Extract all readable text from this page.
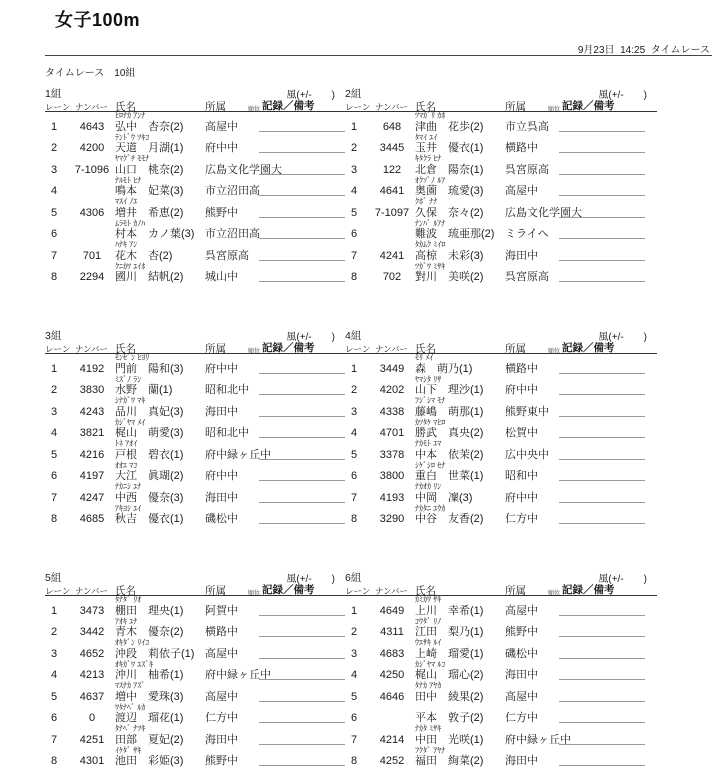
女子100m
9月23日  14:25  タイムレース
タイムレース　10組
1組	風(+/-　　)
レーン ナンバー 氏名	所属	順位 記録／備考
ﾋﾛﾅｶ ｱﾝﾅ
1	4643 弘中　杏奈(2) 高屋中
ﾃﾝﾄﾞｳ ﾂｷｺ
2	4200 天道　月湖(1) 府中中
ﾔﾏｸﾞﾁ ﾓﾓﾅ
3	7-1096 山口　桃奈(2) 広島文化学園大
ﾅﾙﾓﾄ ﾋﾅ
4	鳴本　妃菜(3) 市立沼田高
ﾏｽｲ ﾉｴ
5	4306 増井　希恵(2) 熊野中
ﾑﾗﾓﾄ ｶﾉﾊ
6	村本　カノ葉(3) 市立沼田高
ﾊﾅｷ ｱﾝ
7	701	花木　杏(2)	呉宮原高
ｸﾆｶﾜ ﾕｲﾎ
8	2294 國川　結帆(2) 城山中
2組	風(+/-　　)
レーン ナンバー 氏名	所属	順位 記録／備考
ﾂﾏｶﾞﾘ ｶﾎ
1	648	津曲　花歩(2) 市立呉高
ﾀﾏｲ ﾕｲ
2	3445 玉井　優衣(1) 横路中
ｷﾀｸﾗ ﾋﾅ
3	122	北倉　陽奈(1) 呉宮原高
ｵｸｿﾞﾉ ﾙｱ
4	4641 奥薗　琉愛(3) 高屋中
ｸﾎﾞ ﾅﾅ
5	7-1097 久保　奈々(2) 広島文化学園大
ﾅﾝﾊﾞ ﾙｱﾅ
6	難波　琉亜那(2) ミライヘ
ﾀｶﾑｸ ﾐｲﾛ
7	4241 高椋　未彩(3) 海田中
ﾂｶﾞﾜ ﾐｻｷ
8	702	對川　美咲(2) 呉宮原高
3組	風(+/-　　)
レーン ナンバー 氏名	所属	順位 記録／備考
ﾓﾝｾﾞﾝ ﾋﾖﾘ
1	4192 門前　陽和(3) 府中中
ﾐｽﾞﾉ ﾗﾝ
2	3830 水野　蘭(1)	昭和北中
ｼﾅｶﾞﾜ ﾏｷ
3	4243 品川　真妃(3) 海田中
ｶｼﾞﾔﾏ ﾒｲ
4	3821 梶山　萌愛(3) 昭和北中
ﾄﾈ ｱｵｲ
5	4216 戸根　碧衣(1) 府中緑ヶ丘中
ｵｵｴ ﾏｺ
6	4197 大江　眞瑚(2) 府中中
ﾅｶﾆｼ ﾕﾅ
7	4247 中西　優奈(3) 海田中
ｱｷﾖｼ ﾕｲ
8	4685 秋吉　優衣(1) 磯松中
4組	風(+/-　　)
レーン ナンバー 氏名	所属	順位 記録／備考
ﾓﾘ ﾒｲ
1	3449 森　萌乃(1)	横路中
ﾔﾏｼﾀ ﾘｻ
2	4202 山下　理沙(1) 府中中
ﾌｼﾞｼﾏ ﾓﾅ
3	4338 藤嶋　萌那(1) 熊野東中
ｶﾂﾀｹ ﾏﾋﾛ
4	4701 勝武　真央(2) 松賀中
ﾅｶﾓﾄ ｴﾏ
5	3378 中本　依茉(2) 広中央中
ｼｹﾞｼﾛ ｾﾅ
6	3800 重白　世菜(1) 昭和中
ﾅｶｵｶ ﾘﾝ
7	4193 中岡　凜(3)	府中中
ﾅｶﾀﾆ ﾕｳｶ
8	3290 中谷　友香(2) 仁方中
5組	風(+/-　　)
レーン ナンバー 氏名	所属	順位 記録／備考
ﾀﾅﾀﾞ ﾘｵ
1	3473 棚田　理央(1) 阿賀中
ｱｵｷ ﾕﾅ
2	3442 青木　優奈(2) 横路中
ｵｷﾀﾞﾝ ﾘｲｺ
3	4652 沖段　莉依子(1) 高屋中
ｵｷｶﾞﾜ ﾕｽﾞｷ
4	4213 沖川　柚希(1) 府中緑ヶ丘中
ﾏｽﾅｶ ｱｽﾞ
5	4637 増中　愛珠(3) 高屋中
ﾜﾀﾅﾍﾞ ﾙｶ
6	0	渡辺　瑠花(1) 仁方中
ﾀﾅﾍﾞ ﾅﾂｷ
7	4251 田部　夏妃(2) 海田中
ｲｹﾀﾞ ｻｷ
8	4301 池田　彩姫(3) 熊野中
6組	風(+/-　　)
レーン ナンバー 氏名	所属	順位 記録／備考
ｶﾐｶﾜ ｻｷ
1	4649 上川　幸希(1) 高屋中
ｺｳﾀﾞ ﾘﾉ
2	4311	江田　梨乃(1) 熊野中
ｳｴｻｷ ﾙｲ
3	4683 上崎　瑠愛(1) 磯松中
ｶｼﾞﾔﾏ ﾙｺ
4	4250 梶山　瑠心(2) 海田中
ﾀﾅｶ ｱﾔｶ
5	4646 田中　綾果(2) 高屋中
6	平本　敦子(2) 仁方中
ﾅｶﾀ ﾐｻｷ
7	4214 中田　光咲(1) 府中緑ヶ丘中
ﾌｸﾀﾞ ｱﾔﾅ
8	4252 福田　絢菜(2) 海田中
